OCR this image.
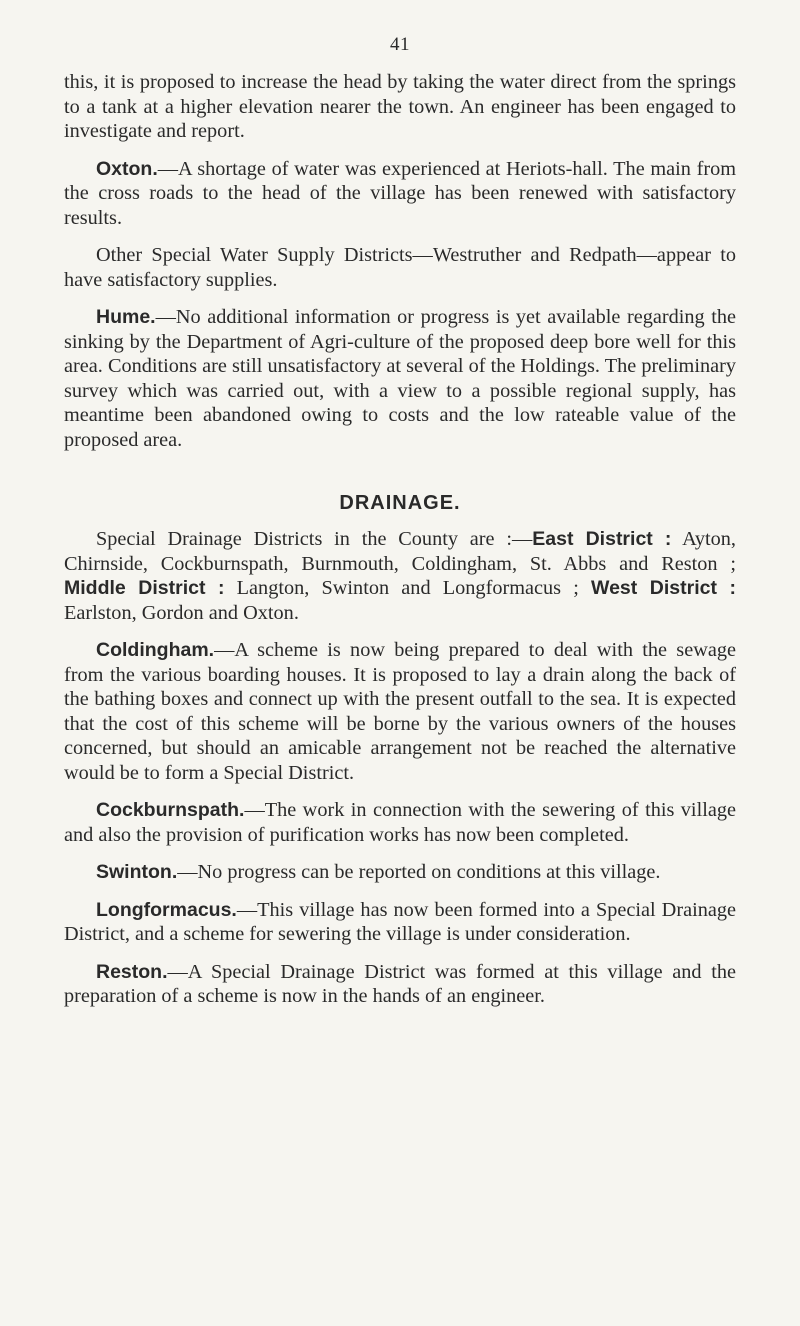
41

this, it is proposed to increase the head by taking the water direct from the springs to a tank at a higher elevation nearer the town. An engineer has been engaged to investigate and report.

Oxton.—A shortage of water was experienced at Heriots-hall. The main from the cross roads to the head of the village has been renewed with satisfactory results.

Other Special Water Supply Districts—Westruther and Redpath—appear to have satisfactory supplies.

Hume.—No additional information or progress is yet available regarding the sinking by the Department of Agri-culture of the proposed deep bore well for this area. Conditions are still unsatisfactory at several of the Holdings. The preliminary survey which was carried out, with a view to a possible regional supply, has meantime been abandoned owing to costs and the low rateable value of the proposed area.

DRAINAGE.

Special Drainage Districts in the County are :—East District : Ayton, Chirnside, Cockburnspath, Burnmouth, Coldingham, St. Abbs and Reston ; Middle District : Langton, Swinton and Longformacus ; West District : Earlston, Gordon and Oxton.

Coldingham.—A scheme is now being prepared to deal with the sewage from the various boarding houses. It is proposed to lay a drain along the back of the bathing boxes and connect up with the present outfall to the sea. It is expected that the cost of this scheme will be borne by the various owners of the houses concerned, but should an amicable arrangement not be reached the alternative would be to form a Special District.

Cockburnspath.—The work in connection with the sewering of this village and also the provision of purification works has now been completed.

Swinton.—No progress can be reported on conditions at this village.

Longformacus.—This village has now been formed into a Special Drainage District, and a scheme for sewering the village is under consideration.

Reston.—A Special Drainage District was formed at this village and the preparation of a scheme is now in the hands of an engineer.
